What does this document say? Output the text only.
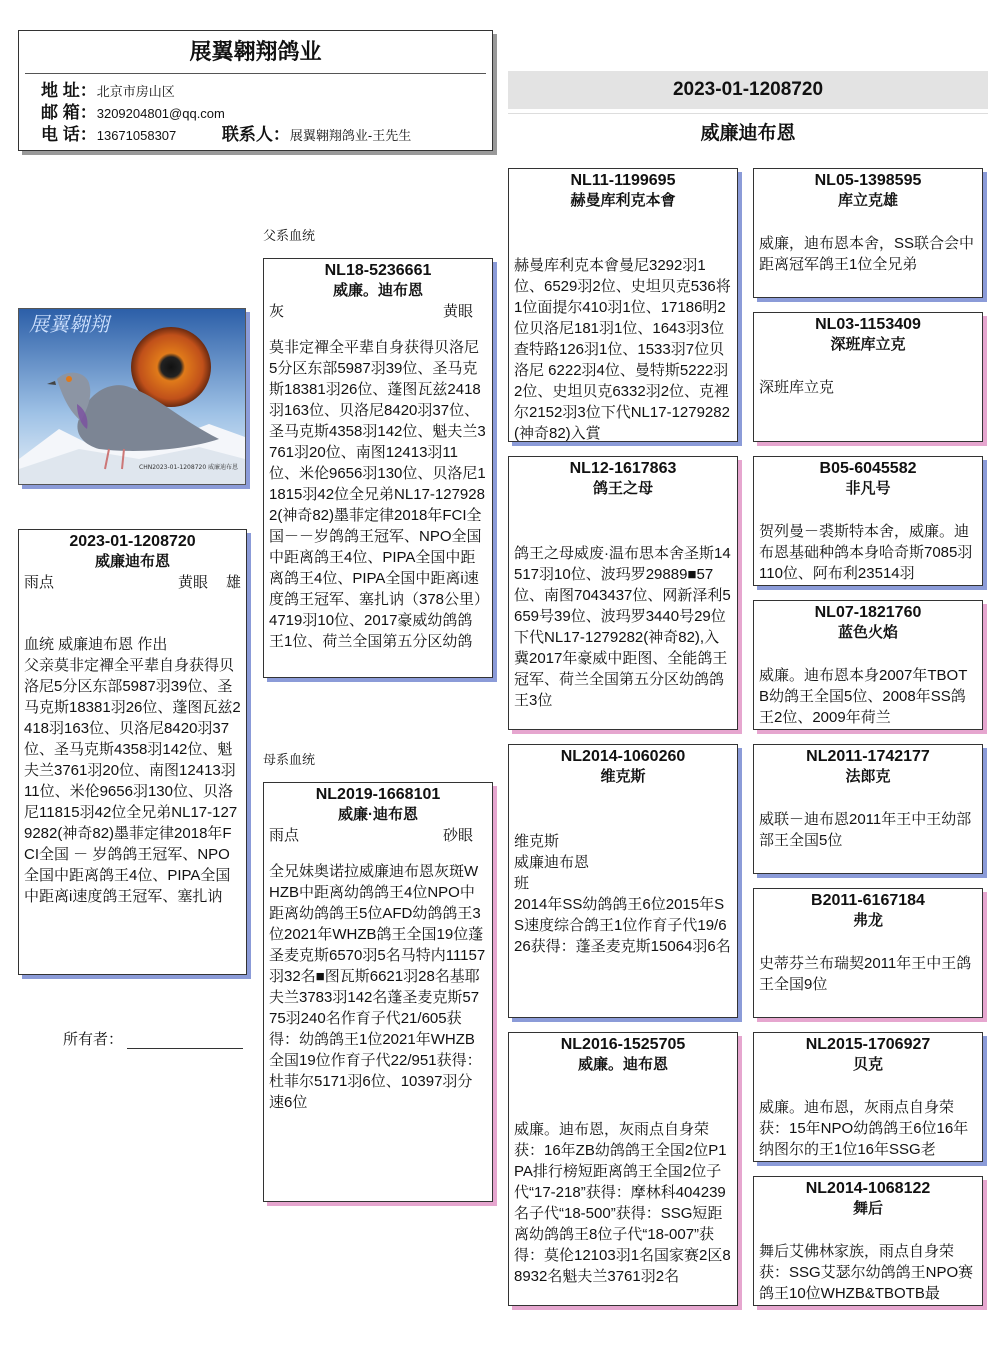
展翼翱翔鸽业
地 址：北京市房山区
邮 箱：3209204801@qq.com
电 话：13671058307	联系人：展翼翱翔鸽业-王先生
2023-01-1208720
威廉迪布恩
父系血统
母系血统
展翼翱翔
CHN2023-01-1208720 威廉迪布恩
2023-01-1208720
威廉迪布恩
雨点	黄眼 雄
血统 威廉迪布恩 作出
父亲莫非定襌全平辈自身获得贝洛尼5分区东部5987羽39位、圣马克斯18381羽26位、蓬图瓦兹2418羽163位、贝洛尼8420羽37位、圣马克斯4358羽142位、魁夫兰3761羽20位、南图12413羽11位、米伦9656羽130位、贝洛尼11815羽42位全兄弟NL17-1279282(神奇82)墨菲定律2018年FCI全国 － 岁鸽鸽王冠军、NPO全国中距离鸽王4位、PIPA全国中距离i速度鸽王冠军、塞扎讷
所有者：
NL18-5236661
威廉。迪布恩
灰	黄眼
莫非定襌全平辈自身获得贝洛尼5分区东部5987羽39位、圣马克斯18381羽26位、蓬图瓦兹2418羽163位、贝洛尼8420羽37位、圣马克斯4358羽142位、魁夫兰3761羽20位、南图12413羽11位、米伦9656羽130位、贝洛尼11815羽42位全兄弟NL17-1279282(神奇82)墨菲定律2018年FCI全国－－岁鸽鸽王冠军、NPO全国中距离鸽王4位、PIPA全国中距离鸽王4位、PIPA全国中距离i速度鸽王冠军、塞扎讷（378公里）4719羽10位、2017豪威幼鸽鸽王1位、荷兰全国第五分区幼鸽
NL2019-1668101
威廉·迪布恩
雨点	砂眼
全兄妹奥诺拉威廉迪布恩灰斑WHZB中距离幼鸽鸽王4位NPO中距离幼鸽鸽王5位AFD幼鸽鸽王3位2021年WHZB鸽王全国19位蓬圣麦克斯6570羽5名马特内11157羽32名■图瓦斯6621羽28名基耶夫兰3783羽142名蓬圣麦克斯5775羽240名作育子代21/605获得：幼鸽鸽王1位2021年WHZB全国19位作育子代22/951获得：杜菲尔5171羽6位、10397羽分速6位
NL11-1199695
赫曼库利克本會
赫曼库利克本會曼尼3292羽1位、6529羽2位、史坦贝克536将1位面提尔410羽1位、17186明2位贝洛尼181羽1位、1643羽3位查特路126羽1位、1533羽7位贝洛尼 6222羽4位、曼特斯5222羽2位、史坦贝克6332羽2位、克裡尔2152羽3位下代NL17-1279282(神奇82)入賞
NL12-1617863
鸽王之母
鸽王之母威废·温布思本舍圣斯14517羽10位、波玛罗29889■57位、南图7043437位、网新泽利5659号39位、波玛罗3440号29位下代NL17-1279282(神奇82),入冀2017年豪威中距图、全能鸽王冠军、荷兰全国第五分区幼鸽鸽王3位
NL2014-1060260
维克斯
维克斯
威廉迪布恩
班
2014年SS幼鸽鸽王6位2015年SS速度综合鸽王1位作育子代19/626获得：蓬圣麦克斯15064羽6名
NL2016-1525705
威廉。迪布恩
威廉。迪布恩，灰雨点自身荣获：16年ZB幼鸽鸽王全国2位P1PA排行榜短距离鸽王全国2位子代“17-218”获得：摩林科404239名子代“18-500”获得：SSG短距离幼鸽鸽王8位子代“18-007”获得：莫伦12103羽1名国家赛2区88932名魁夫兰3761羽2名
NL05-1398595
库立克雄
威廉，迪布恩本舍，SS联合会中距离冠军鸽王1位全兄弟
NL03-1153409
深班库立克
深班库立克
B05-6045582
非凡号
贺列曼－裘斯特本舍，威廉。迪布恩基础种鸽本身哈奇斯7085羽110位、阿布利23514羽
NL07-1821760
蓝色火焰
威廉。迪布恩本身2007年TBOTB幼鸽王全国5位、2008年SS鸽王2位、2009年荷兰
NL2011-1742177
法郎克
威联－迪布恩2011年王中王幼部部王全国5位
B2011-6167184
弗龙
史蒂芬兰布瑞契2011年王中王鸽王全国9位
NL2015-1706927
贝克
威廉。迪布恩，灰雨点自身荣获：15年NPO幼鸽鸽王6位16年纳图尔的王1位16年SSG老
NL2014-1068122
舞后
舞后艾佛林家族，雨点自身荣获：SSG艾瑟尔幼鸽鸽王NPO赛鸽王10位WHZB&TBOTB最
